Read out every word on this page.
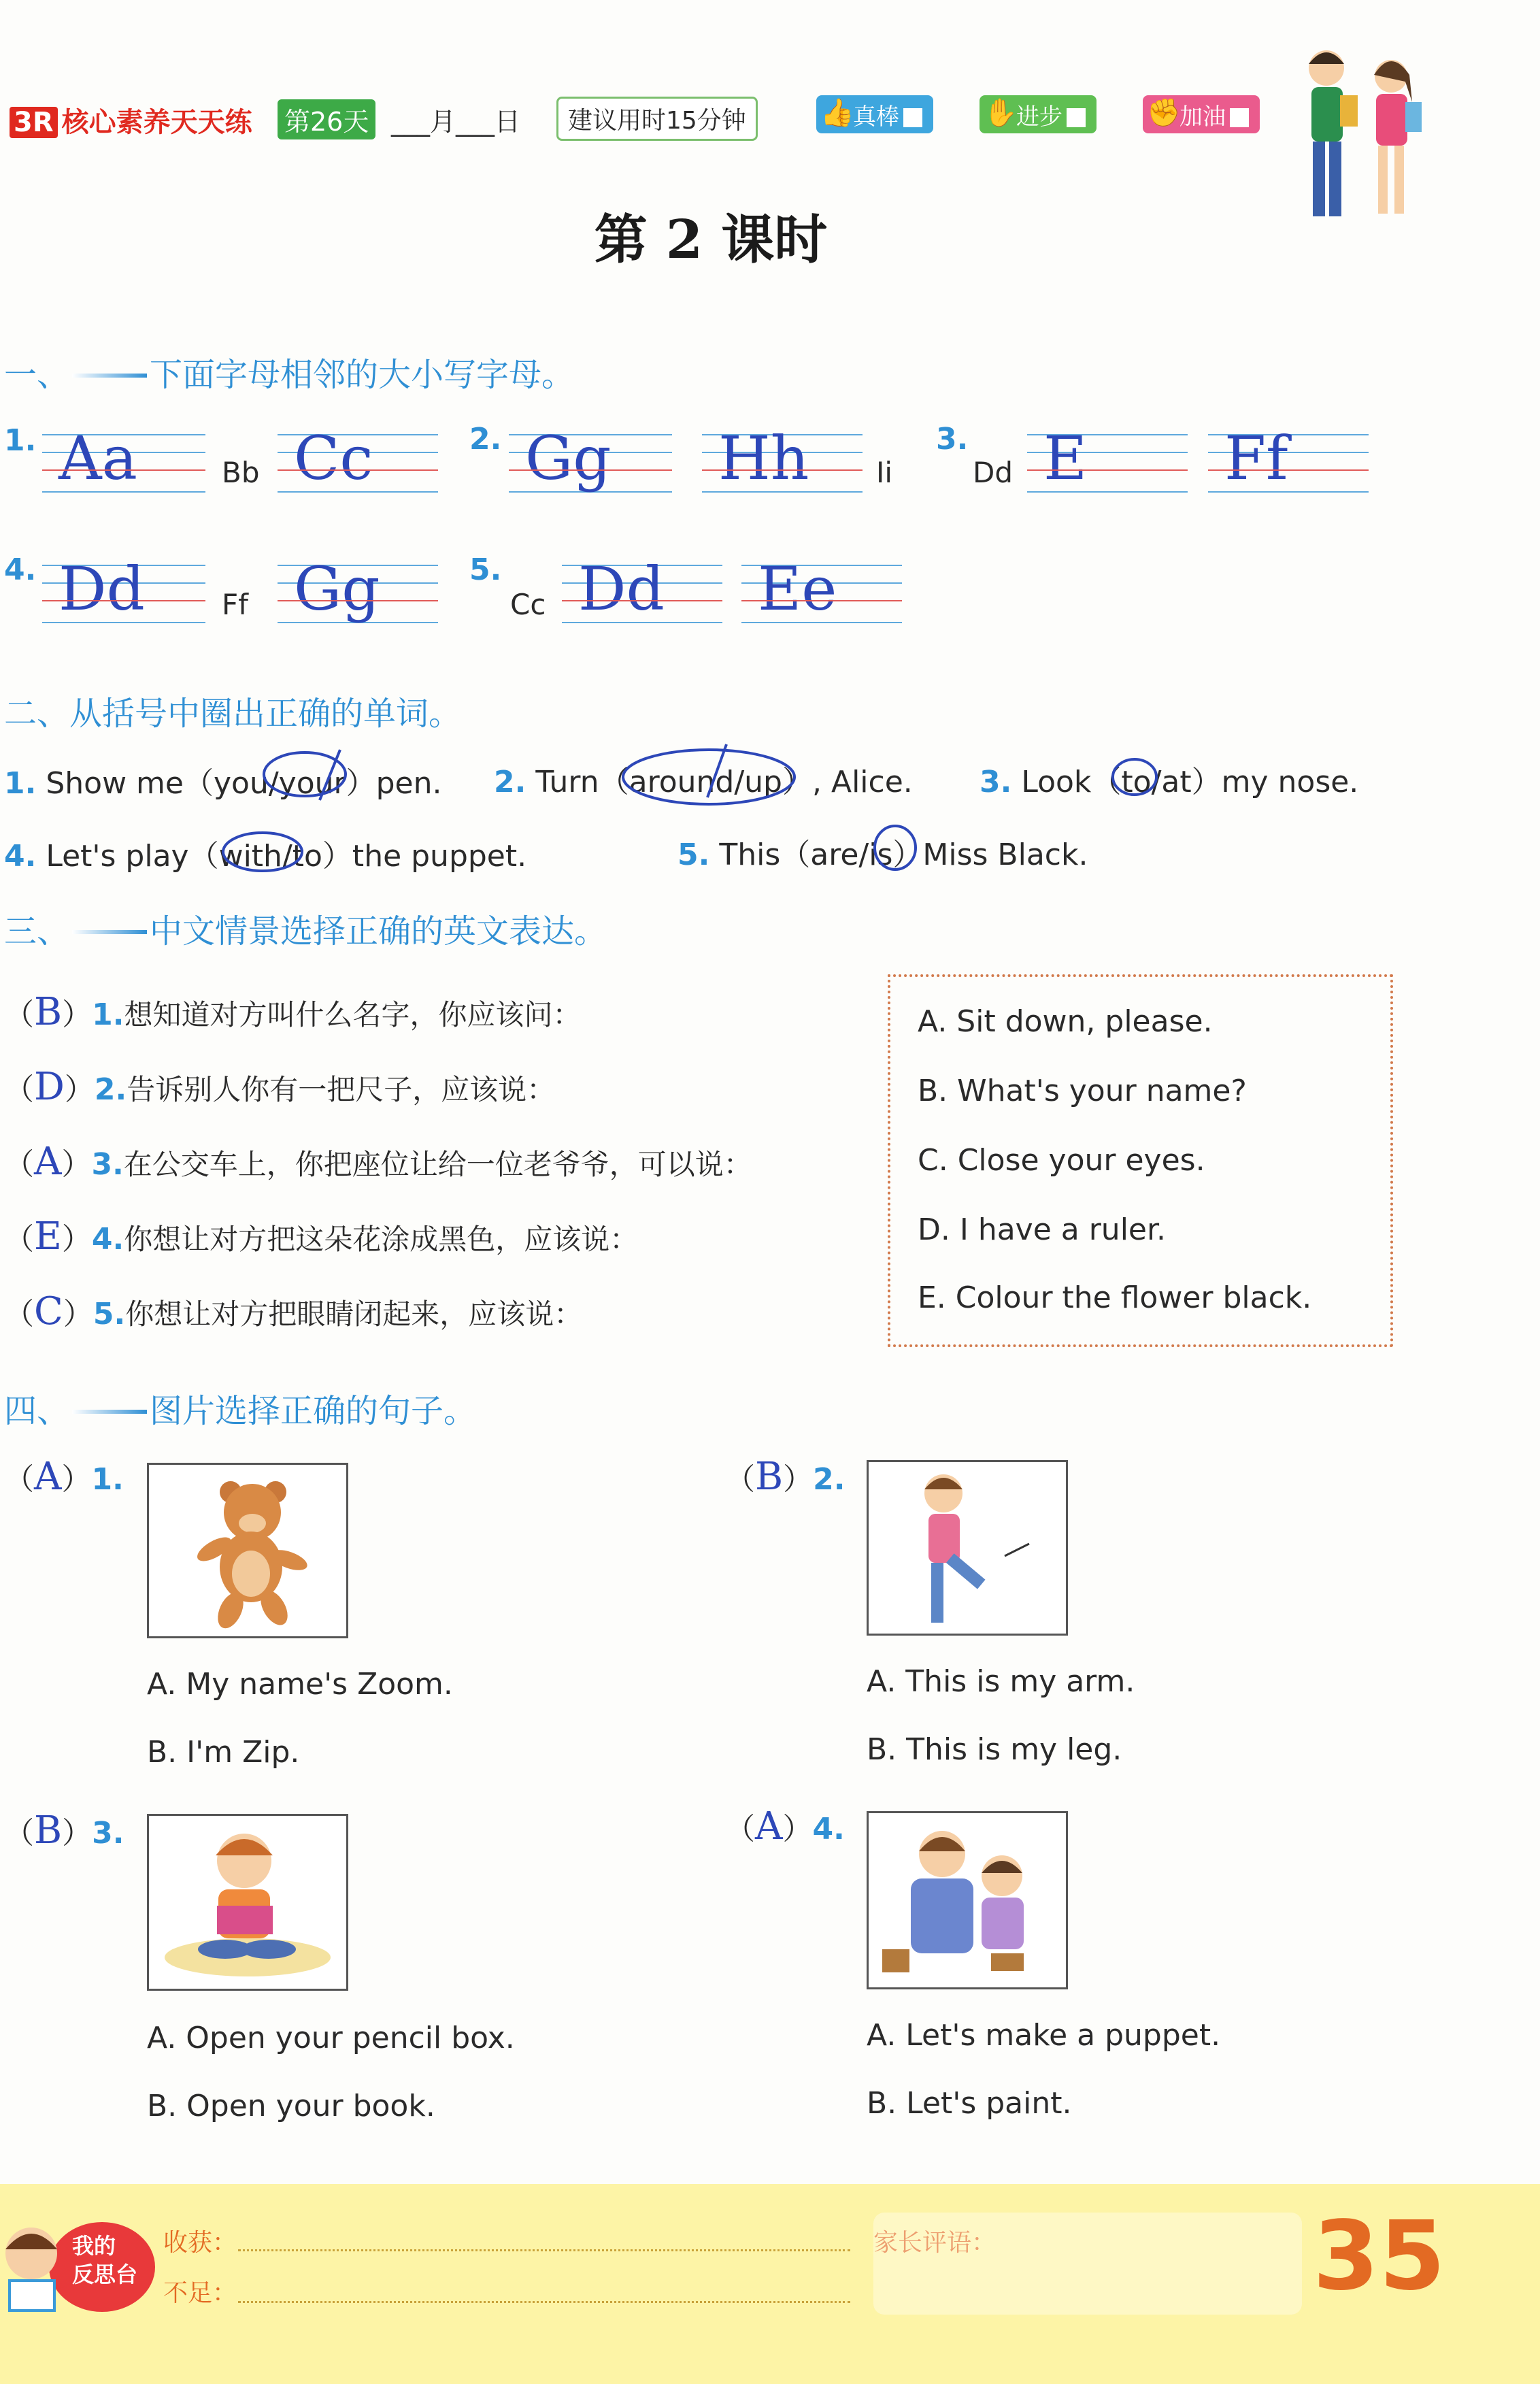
3R 核心素养天天练 第26天 ___月___日	建议用时15分钟	👍
真棒	✋
进步	✊
加油
第 2 课时
一、 下面字母相邻的大小写字母。
1. Aa	Bb Cc	2. Gg Hh Ii
3.
Dd E Ff
4. Dd	Ff Gg	5.
Cc Dd Ee
二、从括号中圈出正确的单词。
1. Show me（you/your）pen. 2. Turn（around/up）, Alice. 3. Look（to/at）my nose.
4. Let's play（with/to）the puppet.	5. This（are/is）Miss Black.
三、 中文情景选择正确的英文表达。
（B）1.想知道对方叫什么名字，你应该问：
（D）2.告诉别人你有一把尺子，应该说：
（A）3.在公交车上，你把座位让给一位老爷爷，可以说：
（E）4.你想让对方把这朵花涂成黑色，应该说：
（C）5.你想让对方把眼睛闭起来，应该说：
A. Sit down, please.
B. What's your name?
C. Close your eyes.
D. I have a ruler.
E. Colour the flower black.
四、 图片选择正确的句子。
（A）1.
A. My name's Zoom.
B. I'm Zip.
（B）2.
A. This is my arm.
B. This is my leg.
（B）3.
A. Open your pencil box.
B. Open your book.
（A）4.
A. Let's make a puppet.
B. Let's paint.
我的
反思台
收获：
不足：
家长评语：	35
